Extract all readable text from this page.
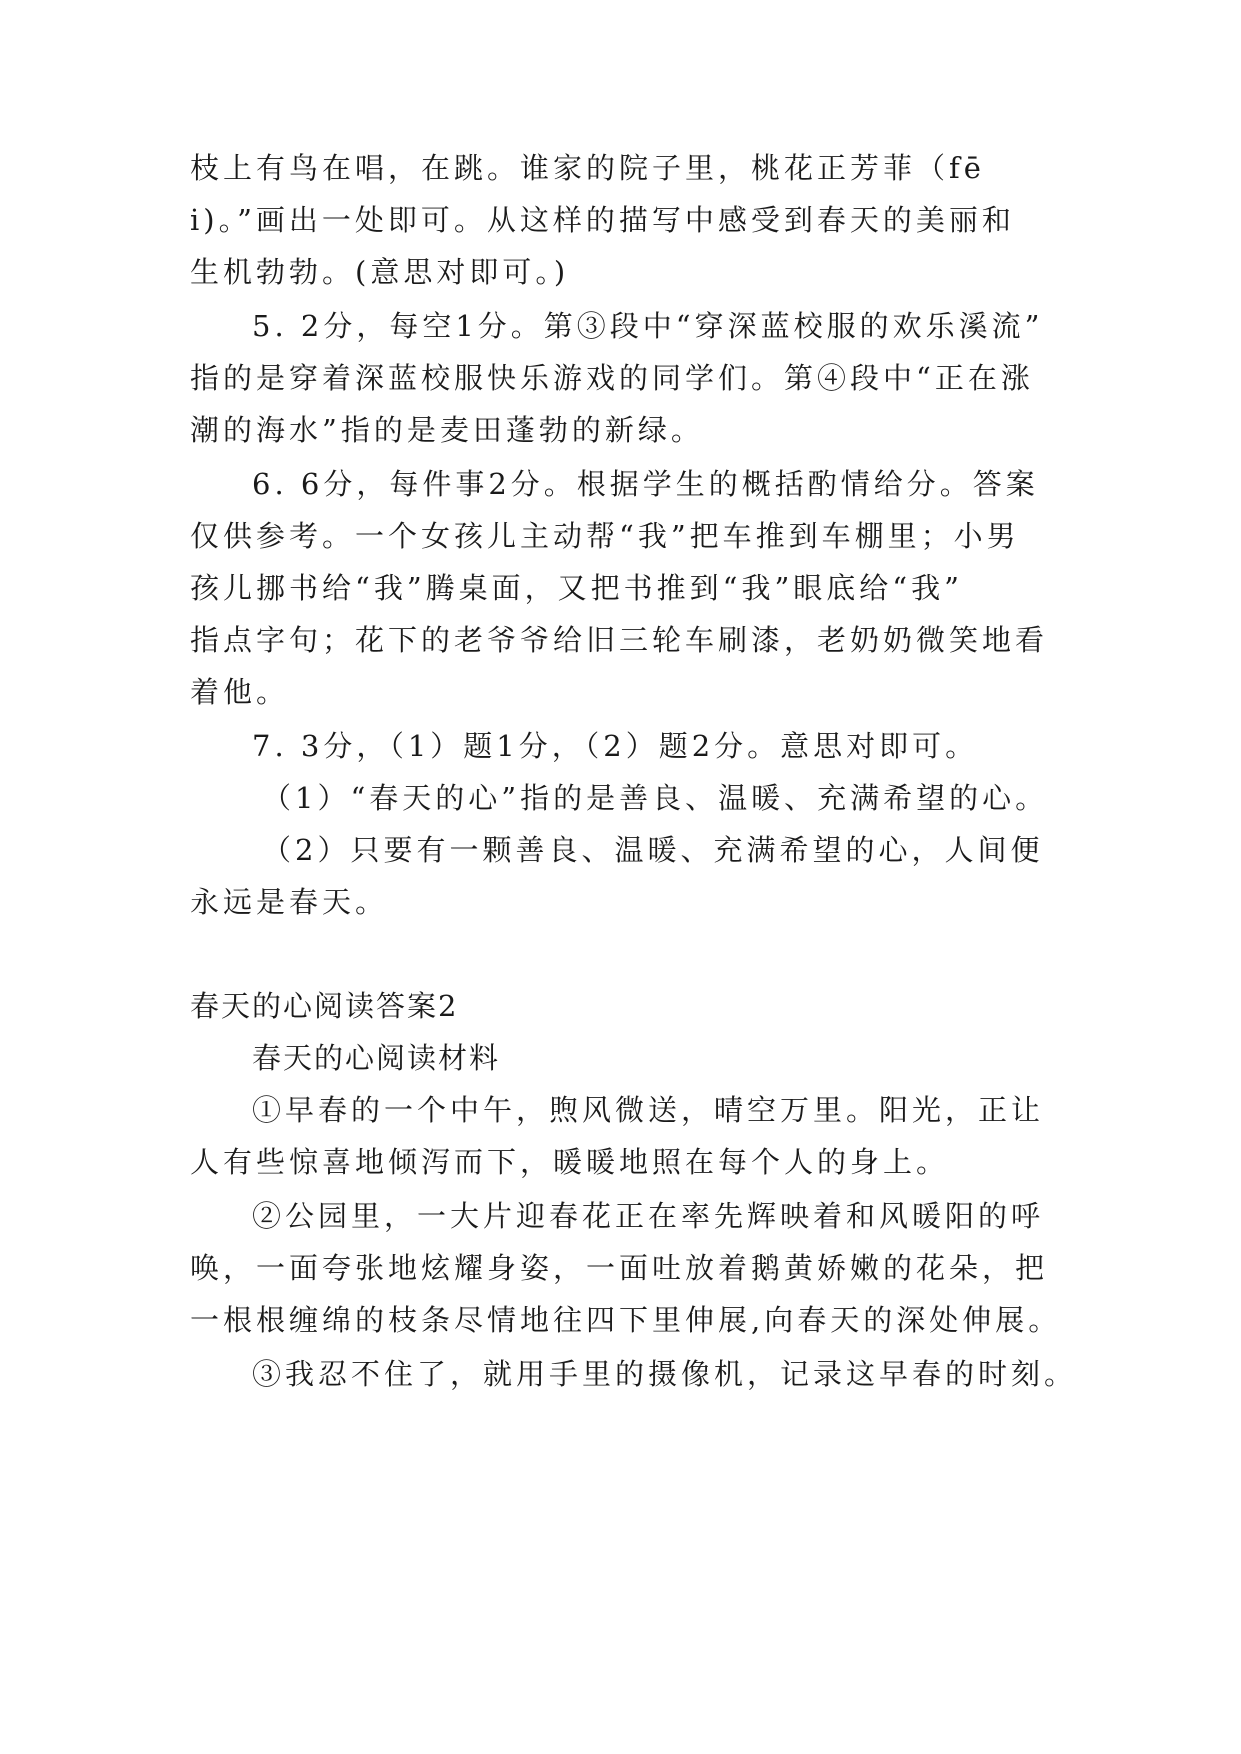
枝上有鸟在唱，在跳。谁家的院子里，桃花正芳菲（fē
i)。”画出一处即可。从这样的描写中感受到春天的美丽和
生机勃勃。(意思对即可。)
5. 2分，每空1分。第③段中“穿深蓝校服的欢乐溪流”
指的是穿着深蓝校服快乐游戏的同学们。第④段中“正在涨
潮的海水”指的是麦田蓬勃的新绿。
6. 6分，每件事2分。根据学生的概括酌情给分。答案
仅供参考。一个女孩儿主动帮“我”把车推到车棚里；小男
孩儿挪书给“我”腾桌面，又把书推到“我”眼底给“我”
指点字句；花下的老爷爷给旧三轮车刷漆，老奶奶微笑地看
着他。
7. 3分，（1）题1分，（2）题2分。意思对即可。
（1）“春天的心”指的是善良、温暖、充满希望的心。
（2）只要有一颗善良、温暖、充满希望的心，人间便
永远是春天。
春天的心阅读答案2
春天的心阅读材料
①早春的一个中午，煦风微送，晴空万里。阳光，正让
人有些惊喜地倾泻而下，暖暖地照在每个人的身上。
②公园里，一大片迎春花正在率先辉映着和风暖阳的呼
唤，一面夸张地炫耀身姿，一面吐放着鹅黄娇嫩的花朵，把
一根根缠绵的枝条尽情地往四下里伸展,向春天的深处伸展。
③我忍不住了，就用手里的摄像机，记录这早春的时刻。
